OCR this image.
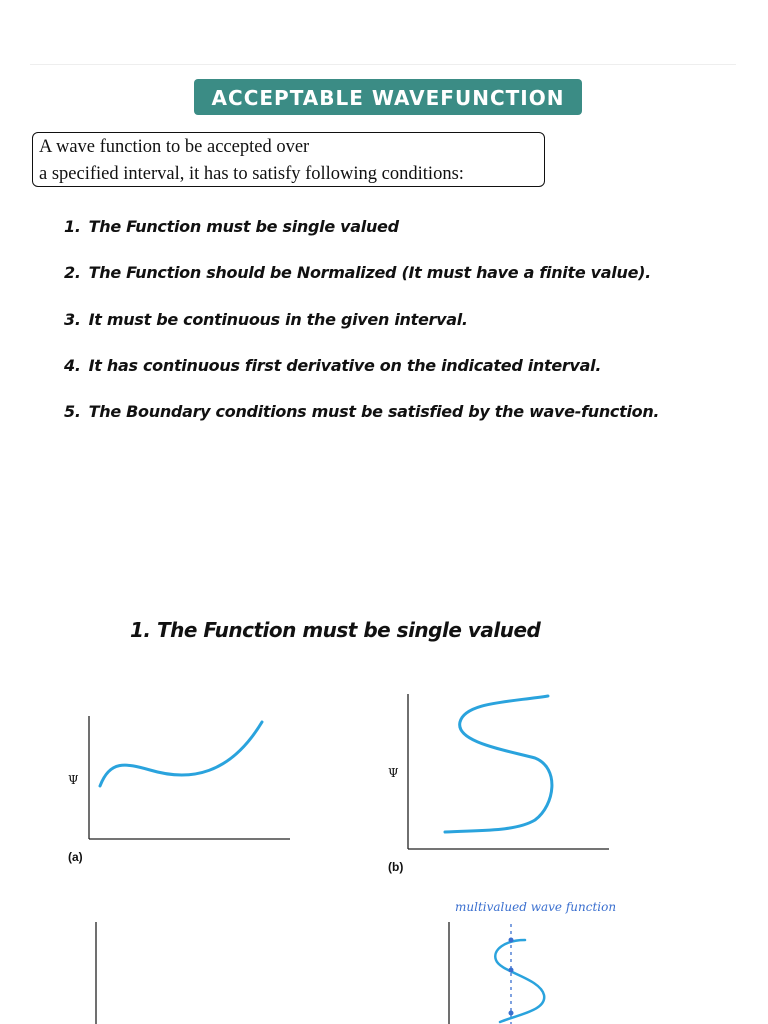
ACCEPTABLE WAVEFUNCTION
A wave function to be accepted over
a specified interval, it has to satisfy following conditions:
1. The Function must be single valued
2. The Function should be Normalized (It must have a finite value).
3. It must be continuous in the given interval.
4. It has continuous first derivative on the indicated interval.
5. The Boundary conditions must be satisfied by the wave-function.
1. The Function must be single valued
Ψ
(a)
Ψ
(b)
multivalued wave function
